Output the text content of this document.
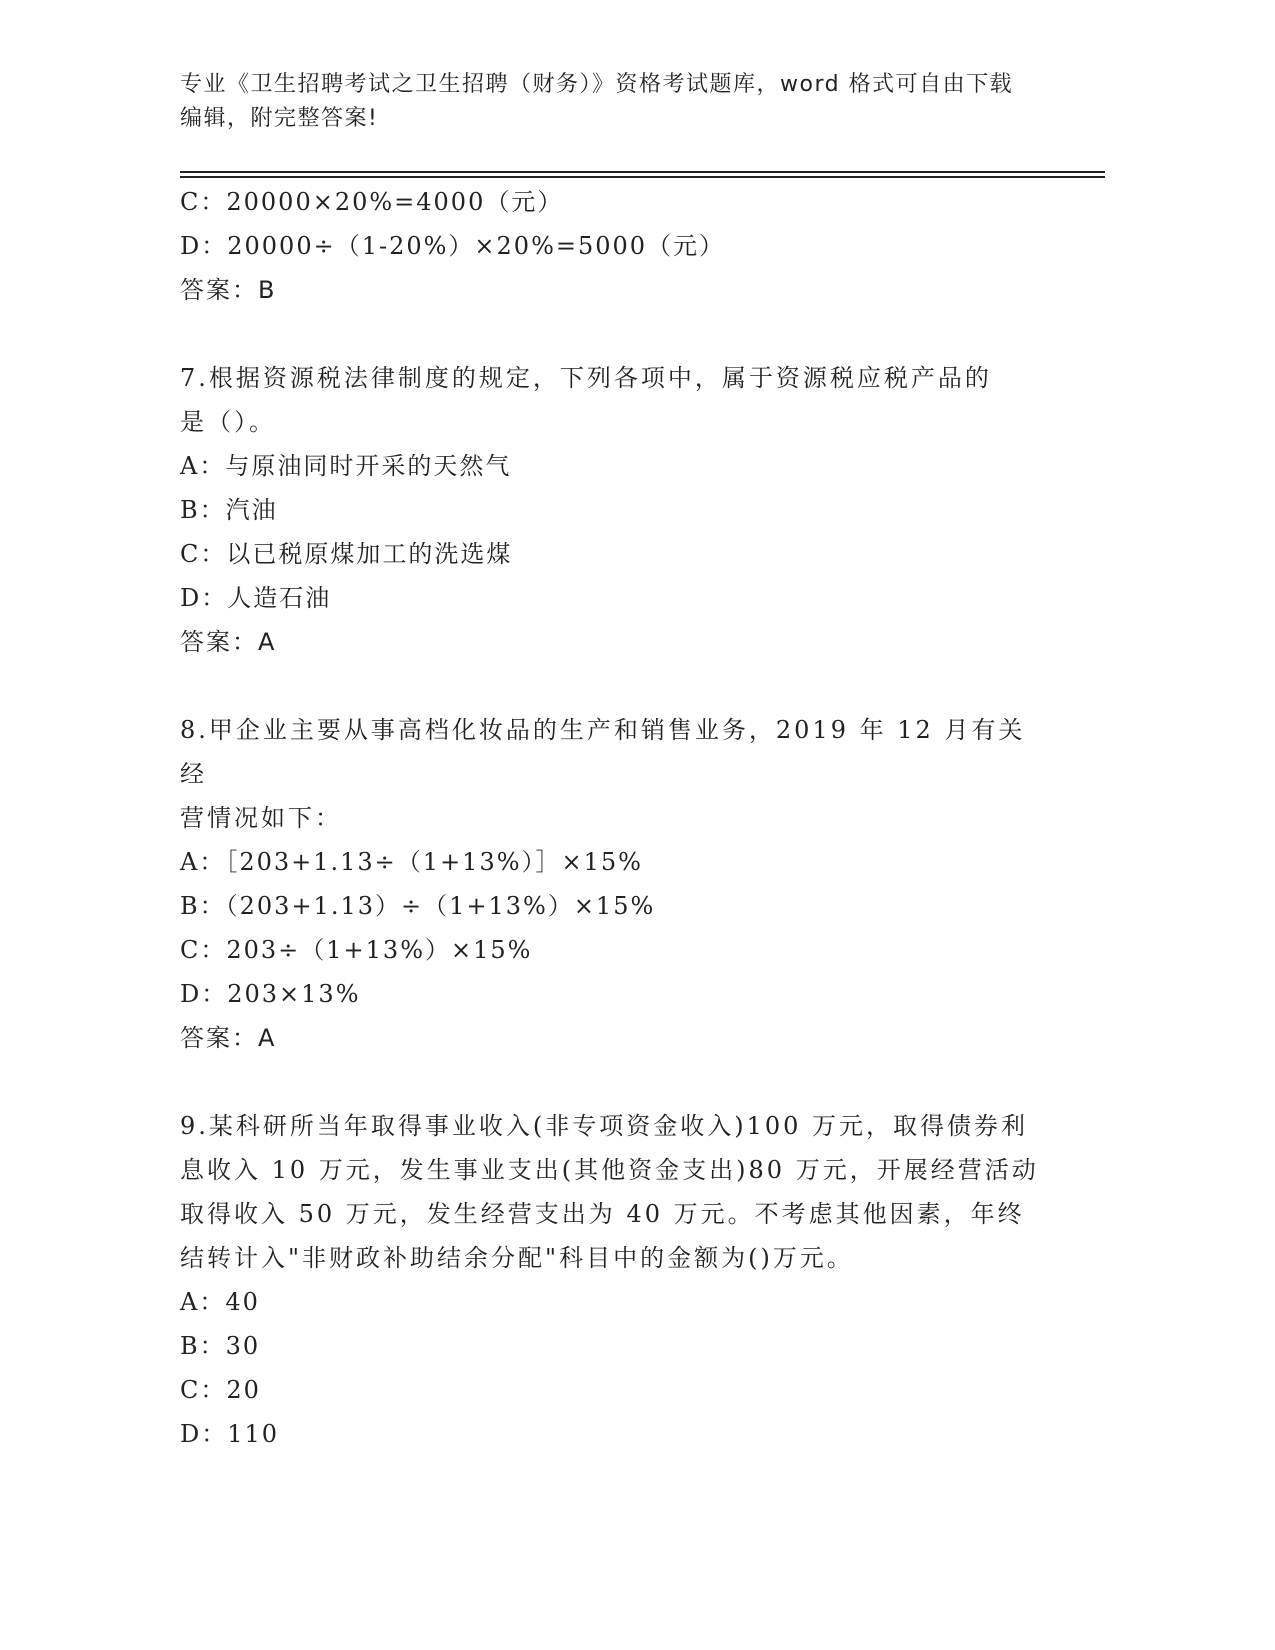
专业《卫生招聘考试之卫生招聘（财务）》资格考试题库，word 格式可自由下载

编辑，附完整答案!

C：20000×20%=4000（元）
D：20000÷（1-20%）×20%=5000（元）
答案：B

7.根据资源税法律制度的规定，下列各项中，属于资源税应税产品的

是（）。

A：与原油同时开采的天然气
B：汽油
C：以已税原煤加工的洗选煤
D：人造石油
答案：A

8.甲企业主要从事高档化妆品的生产和销售业务，2019 年 12 月有关经

营情况如下：

A：［203+1.13÷（1+13%）］×15%
B：（203+1.13）÷（1+13%）×15%
C：203÷（1+13%）×15%
D：203×13%
答案：A

9.某科研所当年取得事业收入(非专项资金收入)100 万元，取得债券利

息收入 10 万元，发生事业支出(其他资金支出)80 万元，开展经营活动

取得收入 50 万元，发生经营支出为 40 万元。不考虑其他因素，年终

结转计入"非财政补助结余分配"科目中的金额为()万元。

A：40
B：30
C：20
D：110
